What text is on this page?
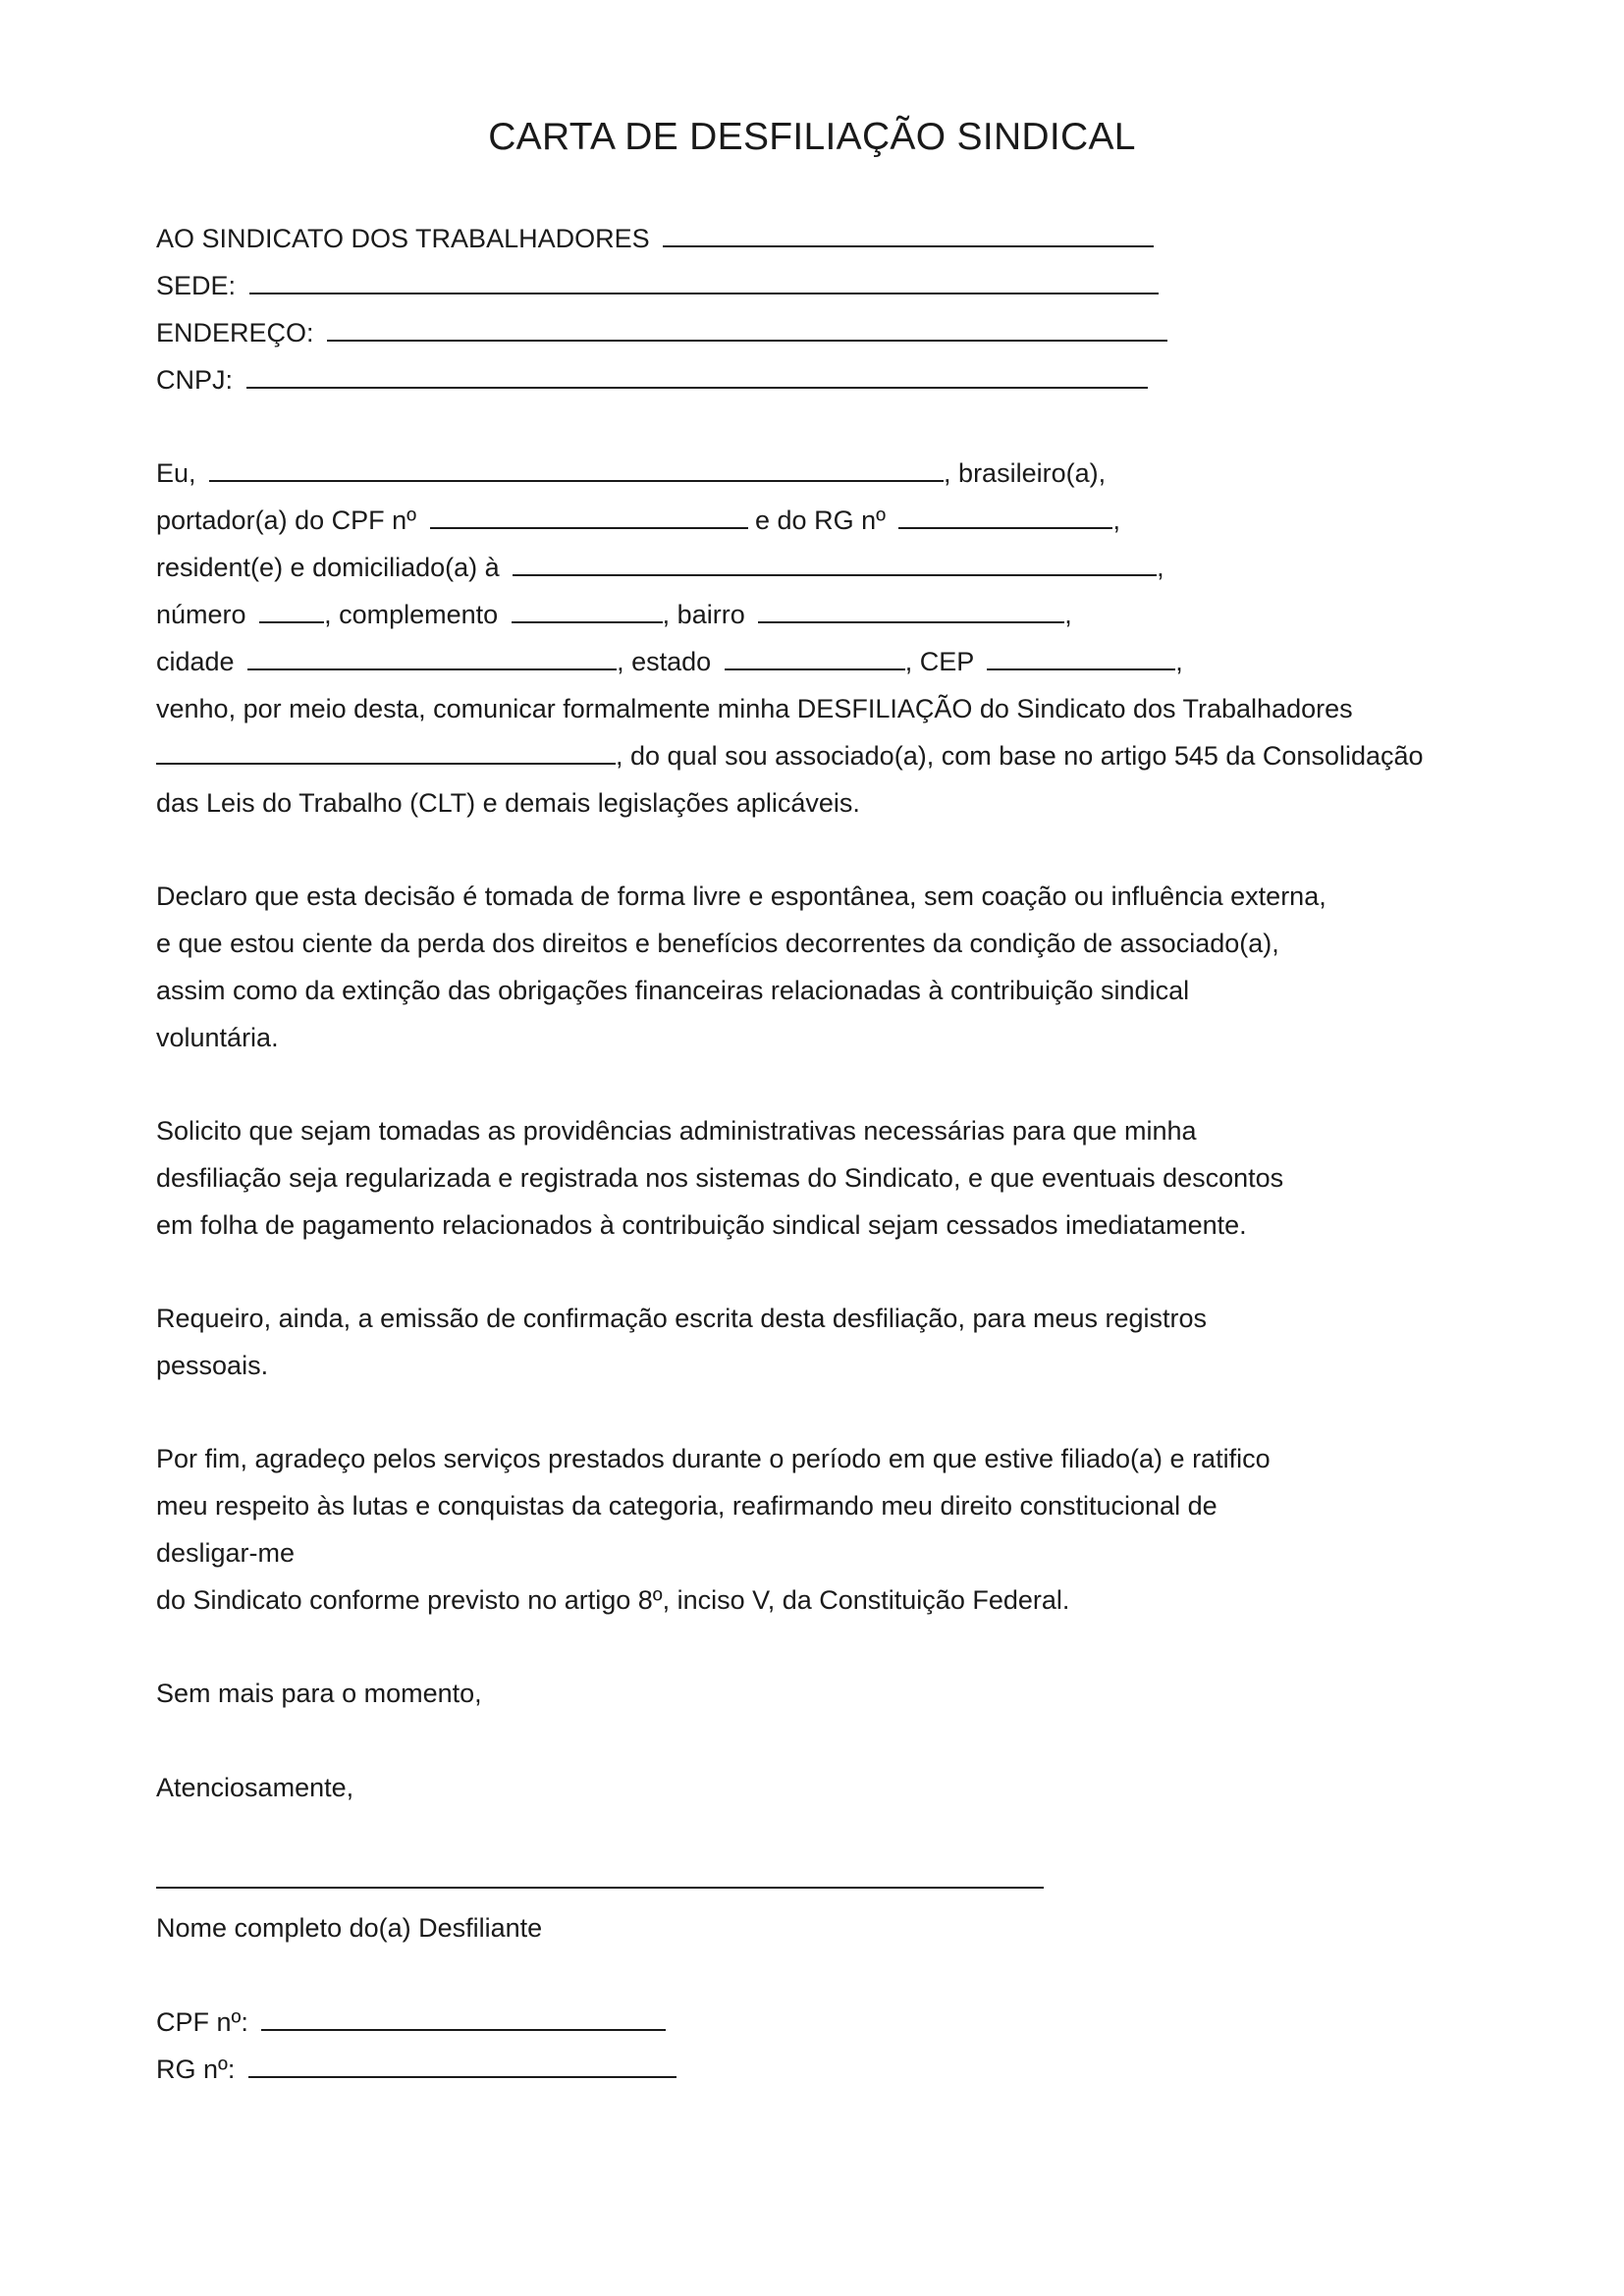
CARTA DE DESFILIAÇÃO SINDICAL
AO SINDICATO DOS TRABALHADORES
SEDE:
ENDEREÇO:
CNPJ:
Eu,	, brasileiro(a),
portador(a) do CPF nº	e do RG nº	,
resident(e) e domiciliado(a) à	,
número	, complemento	, bairro	,
cidade	, estado	, CEP	,
venho, por meio desta, comunicar formalmente minha DESFILIAÇÃO do Sindicato dos Trabalhadores
, do qual sou associado(a), com base no artigo 545 da Consolidação
das Leis do Trabalho (CLT) e demais legislações aplicáveis.
Declaro que esta decisão é tomada de forma livre e espontânea, sem coação ou influência externa,
e que estou ciente da perda dos direitos e benefícios decorrentes da condição de associado(a),
assim como da extinção das obrigações financeiras relacionadas à contribuição sindical
voluntária.
Solicito que sejam tomadas as providências administrativas necessárias para que minha
desfiliação seja regularizada e registrada nos sistemas do Sindicato, e que eventuais descontos
em folha de pagamento relacionados à contribuição sindical sejam cessados imediatamente.
Requeiro, ainda, a emissão de confirmação escrita desta desfiliação, para meus registros
pessoais.
Por fim, agradeço pelos serviços prestados durante o período em que estive filiado(a) e ratifico
meu respeito às lutas e conquistas da categoria, reafirmando meu direito constitucional de
desligar-me
do Sindicato conforme previsto no artigo 8º, inciso V, da Constituição Federal.
Sem mais para o momento,
Atenciosamente,
Nome completo do(a) Desfiliante
CPF nº:
RG nº:
